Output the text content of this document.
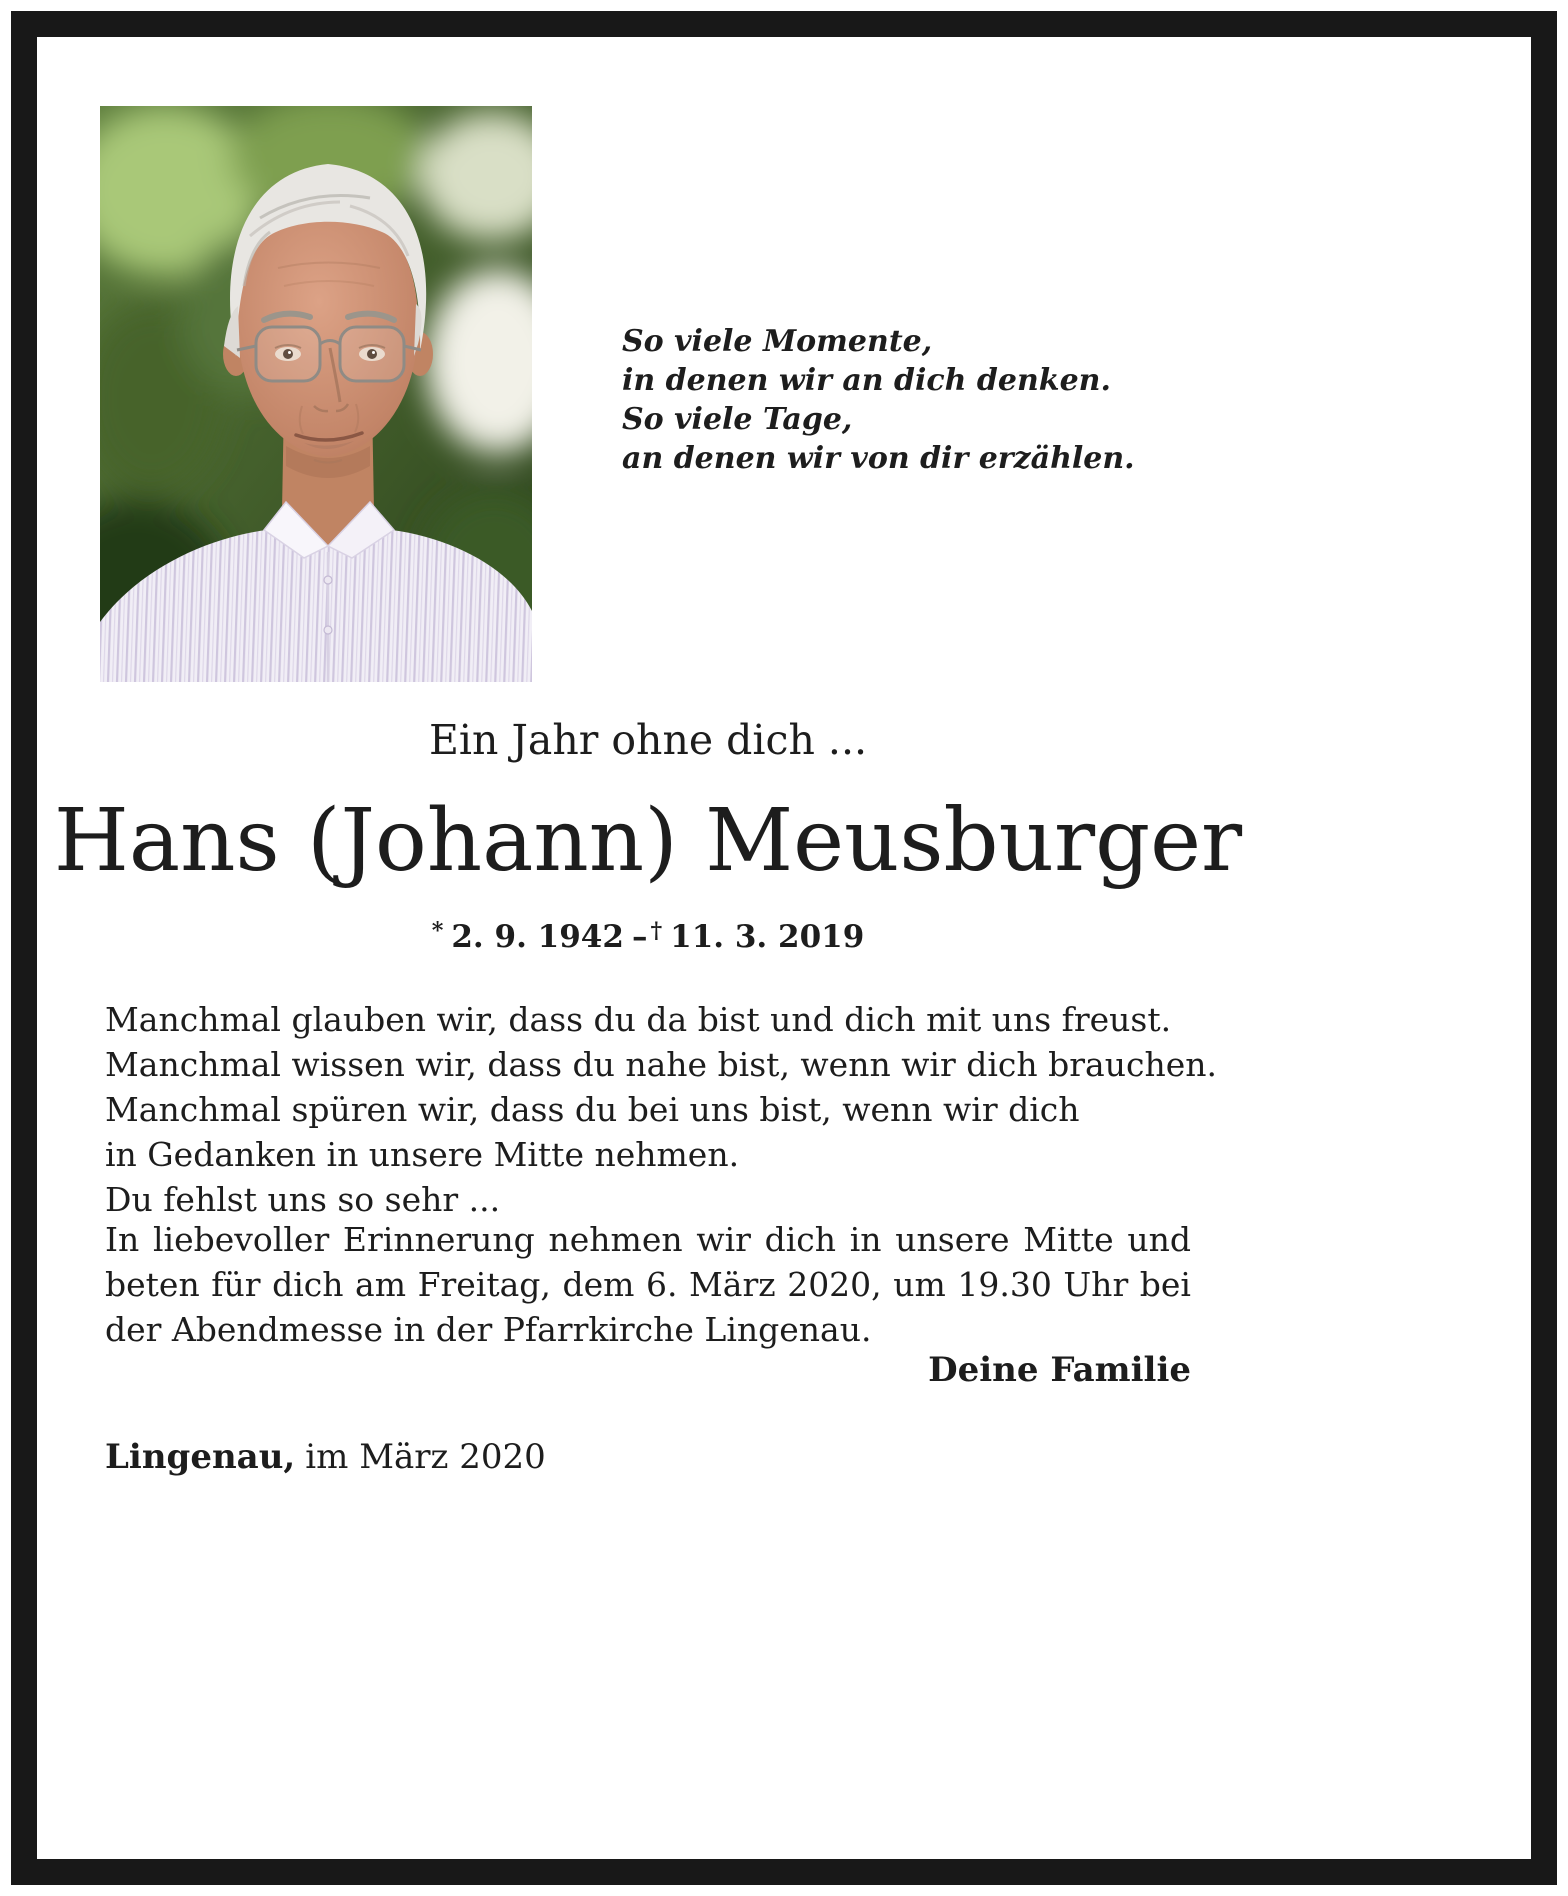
So viele Momente,
in denen wir an dich denken.
So viele Tage,
an denen wir von dir erzählen.
Ein Jahr ohne dich ...
Hans (Johann) Meusburger
* 2. 9. 1942 – † 11. 3. 2019
Manchmal glauben wir, dass du da bist und dich mit uns freust.
Manchmal wissen wir, dass du nahe bist, wenn wir dich brauchen.
Manchmal spüren wir, dass du bei uns bist, wenn wir dich
in Gedanken in unsere Mitte nehmen.
Du fehlst uns so sehr ...
In liebevoller Erinnerung nehmen wir dich in unsere Mitte und beten für dich am Freitag, dem 6. März 2020, um 19.30 Uhr bei der Abendmesse in der Pfarrkirche Lingenau.
Deine Familie
Lingenau, im März 2020
